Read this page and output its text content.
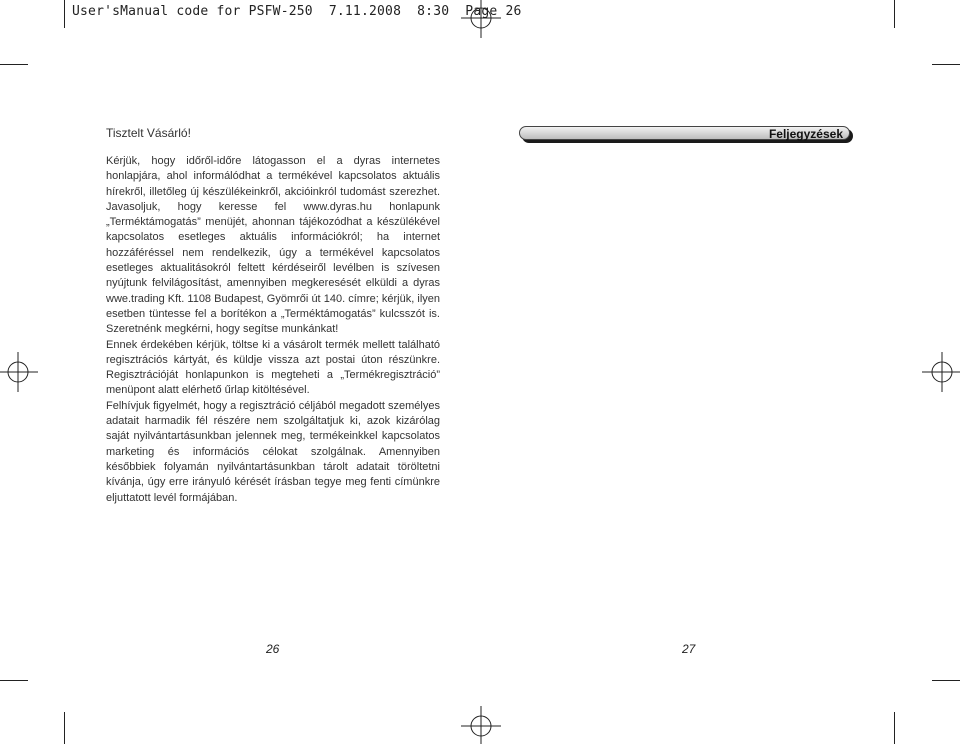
User'sManual code for PSFW-250  7.11.2008  8:30  Page 26
Tisztelt Vásárló!

Kérjük, hogy időről-időre látogasson el a dyras internetes honlapjára, ahol informálódhat a termékével kapcsolatos aktuális hírekről, illetőleg új készülékeinkről, akcióinkról tudomást szerezhet. Javasoljuk, hogy keresse fel www.dyras.hu honlapunk „Terméktámogatás” menüjét, ahonnan tájékozódhat a készülékével kapcsolatos esetleges aktuális információkról; ha internet hozzáféréssel nem rendelkezik, úgy a termékével kapcsolatos esetleges aktualitásokról feltett kérdéseiről levélben is szívesen nyújtunk felvilágosítást, amennyiben megkeresését elküldi a dyras wwe.trading Kft. 1108 Budapest, Gyömrői út 140. címre; kérjük, ilyen esetben tüntesse fel a borítékon a „Terméktámogatás” kulcsszót is. Szeretnénk megkérni, hogy segítse munkánkat!

Ennek érdekében kérjük, töltse ki a vásárolt termék mellett található regisztrációs kártyát, és küldje vissza azt postai úton részünkre. Regisztrációját honlapunkon is megteheti a „Termékregisztráció” menüpont alatt elérhető űrlap kitöltésével.

Felhívjuk figyelmét, hogy a regisztráció céljából megadott személyes adatait harmadik fél részére nem szolgáltatjuk ki, azok kizárólag saját nyilvántartásunkban jelennek meg, termékeinkkel kapcsolatos marketing és információs célokat szolgálnak. Amennyiben későbbiek folyamán nyilvántartásunkban tárolt adatait töröltetni kívánja, úgy erre irányuló kérését írásban tegye meg fenti címünkre eljuttatott levél formájában.

26
Feljegyzések
27
